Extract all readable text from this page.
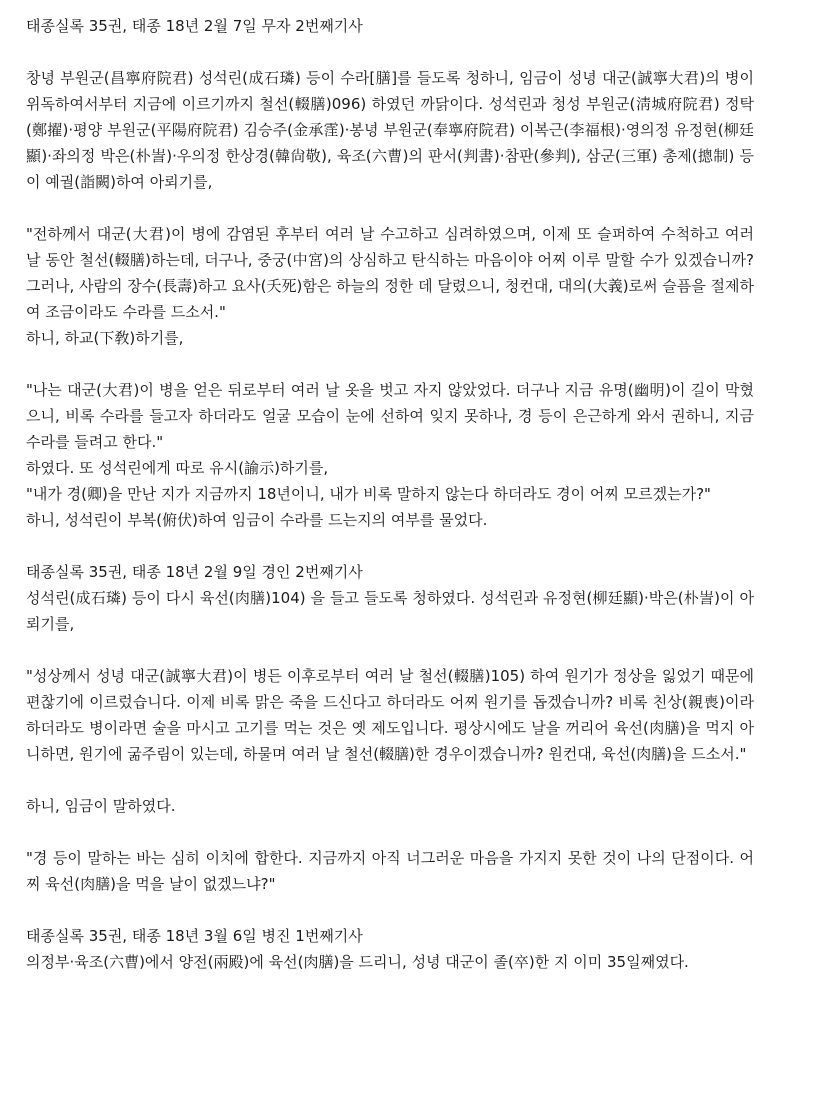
태종실록 35권, 태종 18년 2월 7일 무자 2번째기사
창녕 부원군(昌寧府院君) 성석린(成石璘) 등이 수라[膳]를 들도록 청하니, 임금이 성녕 대군(誠寧大君)의 병이 위독하여서부터 지금에 이르기까지 철선(輟膳)096) 하였던 까닭이다. 성석린과 청성 부원군(淸城府院君) 정탁(鄭擢)·평양 부원군(平陽府院君) 김승주(金承霔)·봉녕 부원군(奉寧府院君) 이복근(李福根)·영의정 유정현(柳廷顯)·좌의정 박은(朴訔)·우의정 한상경(韓尙敬), 육조(六曹)의 판서(判書)·참판(參判), 삼군(三軍) 총제(摠制) 등이 예궐(詣闕)하여 아뢰기를,
"전하께서 대군(大君)이 병에 감염된 후부터 여러 날 수고하고 심려하였으며, 이제 또 슬퍼하여 수척하고 여러 날 동안 철선(輟膳)하는데, 더구나, 중궁(中宮)의 상심하고 탄식하는 마음이야 어찌 이루 말할 수가 있겠습니까? 그러나, 사람의 장수(長壽)하고 요사(夭死)함은 하늘의 정한 데 달렸으니, 청컨대, 대의(大義)로써 슬픔을 절제하여 조금이라도 수라를 드소서."
하니, 하교(下敎)하기를,
"나는 대군(大君)이 병을 얻은 뒤로부터 여러 날 옷을 벗고 자지 않았었다. 더구나 지금 유명(幽明)이 길이 막혔으니, 비록 수라를 들고자 하더라도 얼굴 모습이 눈에 선하여 잊지 못하나, 경 등이 은근하게 와서 권하니, 지금 수라를 들려고 한다."
하였다. 또 성석린에게 따로 유시(諭示)하기를,
"내가 경(卿)을 만난 지가 지금까지 18년이니, 내가 비록 말하지 않는다 하더라도 경이 어찌 모르겠는가?"
하니, 성석린이 부복(俯伏)하여 임금이 수라를 드는지의 여부를 물었다.
태종실록 35권, 태종 18년 2월 9일 경인 2번째기사
성석린(成石璘) 등이 다시 육선(肉膳)104) 을 들고 들도록 청하였다. 성석린과 유정현(柳廷顯)·박은(朴訔)이 아뢰기를,
"성상께서 성녕 대군(誠寧大君)이 병든 이후로부터 여러 날 철선(輟膳)105) 하여 원기가 정상을 잃었기 때문에 편찮기에 이르렀습니다. 이제 비록 맑은 죽을 드신다고 하더라도 어찌 원기를 돕겠습니까? 비록 친상(親喪)이라 하더라도 병이라면 술을 마시고 고기를 먹는 것은 옛 제도입니다. 평상시에도 날을 꺼리어 육선(肉膳)을 먹지 아니하면, 원기에 굶주림이 있는데, 하물며 여러 날 철선(輟膳)한 경우이겠습니까? 원컨대, 육선(肉膳)을 드소서."
하니, 임금이 말하였다.
"경 등이 말하는 바는 심히 이치에 합한다. 지금까지 아직 너그러운 마음을 가지지 못한 것이 나의 단점이다. 어찌 육선(肉膳)을 먹을 날이 없겠느냐?"
태종실록 35권, 태종 18년 3월 6일 병진 1번째기사
의정부·육조(六曹)에서 양전(兩殿)에 육선(肉膳)을 드리니, 성녕 대군이 졸(卒)한 지 이미 35일째였다.
